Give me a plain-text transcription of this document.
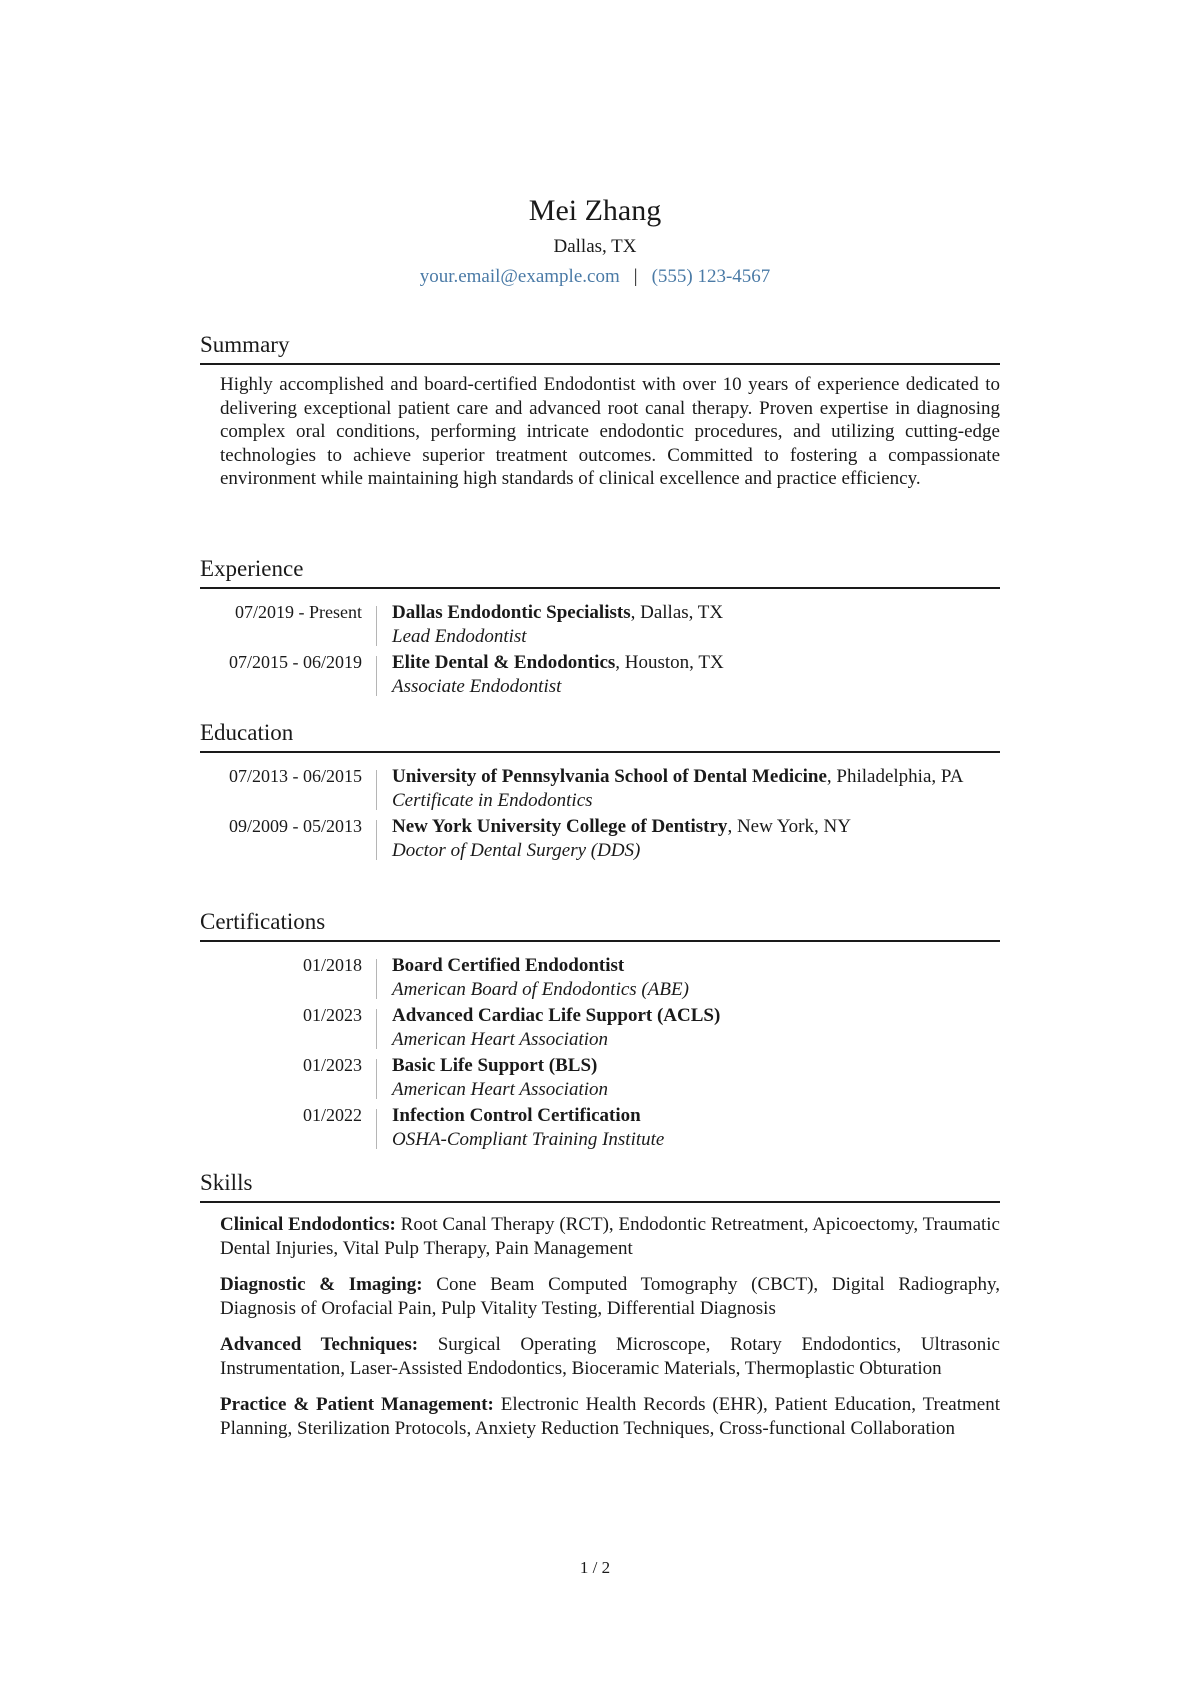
Mei Zhang
Dallas, TX
your.email@example.com | (555) 123-4567
Summary
Highly accomplished and board-certified Endodontist with over 10 years of experience dedicated to delivering exceptional patient care and advanced root canal therapy. Proven expertise in diagnosing complex oral conditions, performing intricate endodontic procedures, and utilizing cutting-edge technologies to achieve superior treatment outcomes. Committed to fostering a compassionate environment while maintaining high standards of clinical excellence and practice efficiency.
Experience
07/2019 - Present	Dallas Endodontic Specialists, Dallas, TX
Lead Endodontist
07/2015 - 06/2019	Elite Dental & Endodontics, Houston, TX
Associate Endodontist
Education
07/2013 - 06/2015	University of Pennsylvania School of Dental Medicine, Philadelphia, PA
Certificate in Endodontics
09/2009 - 05/2013	New York University College of Dentistry, New York, NY
Doctor of Dental Surgery (DDS)
Certifications
01/2018	Board Certified Endodontist
American Board of Endodontics (ABE)
01/2023	Advanced Cardiac Life Support (ACLS)
American Heart Association
01/2023	Basic Life Support (BLS)
American Heart Association
01/2022	Infection Control Certification
OSHA-Compliant Training Institute
Skills
Clinical Endodontics: Root Canal Therapy (RCT), Endodontic Retreatment, Apicoectomy, Traumatic Dental Injuries, Vital Pulp Therapy, Pain Management
Diagnostic & Imaging: Cone Beam Computed Tomography (CBCT), Digital Radiography, Diagnosis of Orofacial Pain, Pulp Vitality Testing, Differential Diagnosis
Advanced Techniques: Surgical Operating Microscope, Rotary Endodontics, Ultrasonic Instrumentation, Laser-Assisted Endodontics, Bioceramic Materials, Thermoplastic Obturation
Practice & Patient Management: Electronic Health Records (EHR), Patient Education, Treatment Planning, Sterilization Protocols, Anxiety Reduction Techniques, Cross-functional Collaboration
1 / 2
